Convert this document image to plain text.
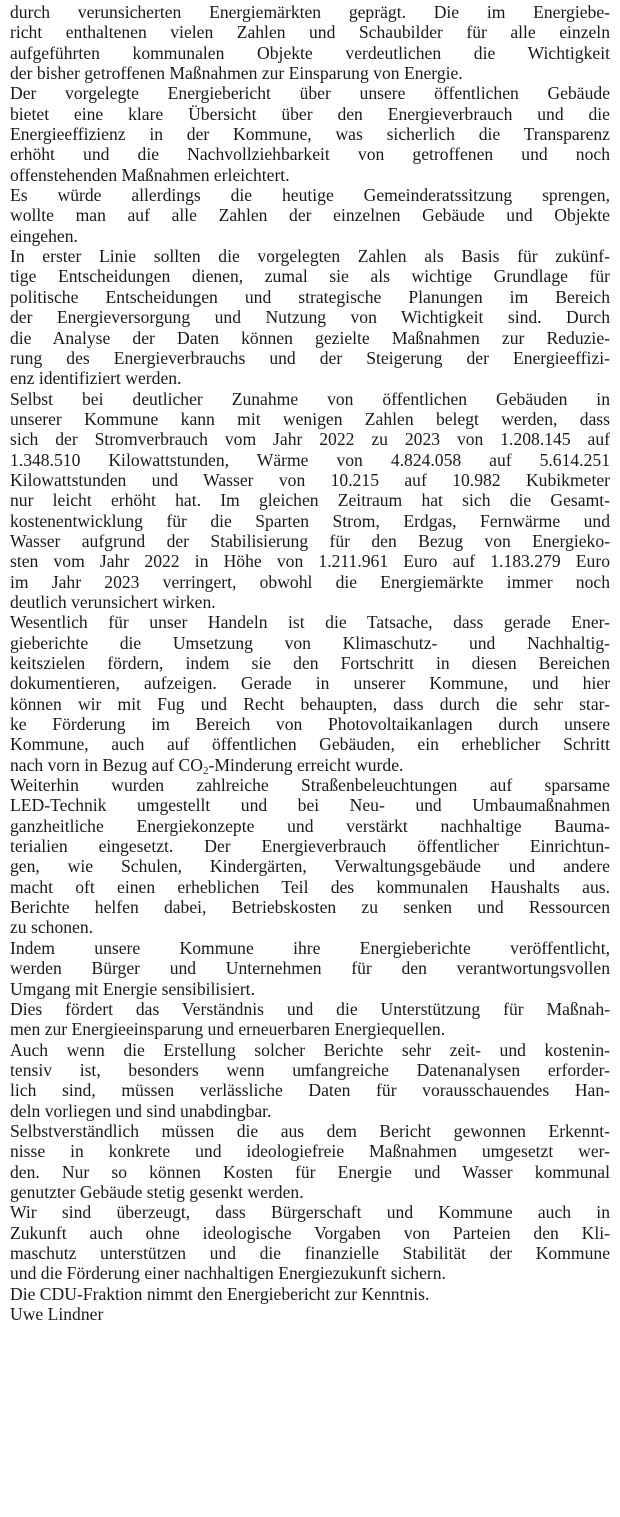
durch verunsicherten Energiemärkten geprägt. Die im Energiebe-
richt enthaltenen vielen Zahlen und Schaubilder für alle einzeln
aufgeführten kommunalen Objekte verdeutlichen die Wichtigkeit
der bisher getroffenen Maßnahmen zur Einsparung von Energie.
Der vorgelegte Energiebericht über unsere öffentlichen Gebäude
bietet eine klare Übersicht über den Energieverbrauch und die
Energieeffizienz in der Kommune, was sicherlich die Transparenz
erhöht und die Nachvollziehbarkeit von getroffenen und noch
offenstehenden Maßnahmen erleichtert.
Es würde allerdings die heutige Gemeinderatssitzung sprengen,
wollte man auf alle Zahlen der einzelnen Gebäude und Objekte
eingehen.
In erster Linie sollten die vorgelegten Zahlen als Basis für zukünf-
tige Entscheidungen dienen, zumal sie als wichtige Grundlage für
politische Entscheidungen und strategische Planungen im Bereich
der Energieversorgung und Nutzung von Wichtigkeit sind. Durch
die Analyse der Daten können gezielte Maßnahmen zur Reduzie-
rung des Energieverbrauchs und der Steigerung der Energieeffizi-
enz identifiziert werden.
Selbst bei deutlicher Zunahme von öffentlichen Gebäuden in
unserer Kommune kann mit wenigen Zahlen belegt werden, dass
sich der Stromverbrauch vom Jahr 2022 zu 2023 von 1.208.145 auf
1.348.510 Kilowattstunden, Wärme von 4.824.058 auf 5.614.251
Kilowattstunden und Wasser von 10.215 auf 10.982 Kubikmeter
nur leicht erhöht hat. Im gleichen Zeitraum hat sich die Gesamt-
kostenentwicklung für die Sparten Strom, Erdgas, Fernwärme und
Wasser aufgrund der Stabilisierung für den Bezug von Energieko-
sten vom Jahr 2022 in Höhe von 1.211.961 Euro auf 1.183.279 Euro
im Jahr 2023 verringert, obwohl die Energiemärkte immer noch
deutlich verunsichert wirken.
Wesentlich für unser Handeln ist die Tatsache, dass gerade Ener-
gieberichte die Umsetzung von Klimaschutz- und Nachhaltig-
keitszielen fördern, indem sie den Fortschritt in diesen Bereichen
dokumentieren, aufzeigen. Gerade in unserer Kommune, und hier
können wir mit Fug und Recht behaupten, dass durch die sehr star-
ke Förderung im Bereich von Photovoltaikanlagen durch unsere
Kommune, auch auf öffentlichen Gebäuden, ein erheblicher Schritt
nach vorn in Bezug auf $CO_2$-Minderung erreicht wurde.
Weiterhin wurden zahlreiche Straßenbeleuchtungen auf sparsame
LED-Technik umgestellt und bei Neu- und Umbaumaßnahmen
ganzheitliche Energiekonzepte und verstärkt nachhaltige Bauma-
terialien eingesetzt. Der Energieverbrauch öffentlicher Einrichtun-
gen, wie Schulen, Kindergärten, Verwaltungsgebäude und andere
macht oft einen erheblichen Teil des kommunalen Haushalts aus.
Berichte helfen dabei, Betriebskosten zu senken und Ressourcen
zu schonen.
Indem unsere Kommune ihre Energieberichte veröffentlicht,
werden Bürger und Unternehmen für den verantwortungsvollen
Umgang mit Energie sensibilisiert.
Dies fördert das Verständnis und die Unterstützung für Maßnah-
men zur Energieeinsparung und erneuerbaren Energiequellen.
Auch wenn die Erstellung solcher Berichte sehr zeit- und kostenin-
tensiv ist, besonders wenn umfangreiche Datenanalysen erforder-
lich sind, müssen verlässliche Daten für vorausschauendes Han-
deln vorliegen und sind unabdingbar.
Selbstverständlich müssen die aus dem Bericht gewonnen Erkennt-
nisse in konkrete und ideologiefreie Maßnahmen umgesetzt wer-
den. Nur so können Kosten für Energie und Wasser kommunal
genutzter Gebäude stetig gesenkt werden.
Wir sind überzeugt, dass Bürgerschaft und Kommune auch in
Zukunft auch ohne ideologische Vorgaben von Parteien den Kli-
maschutz unterstützen und die finanzielle Stabilität der Kommune
und die Förderung einer nachhaltigen Energiezukunft sichern.
Die CDU-Fraktion nimmt den Energiebericht zur Kenntnis.
Uwe Lindner
